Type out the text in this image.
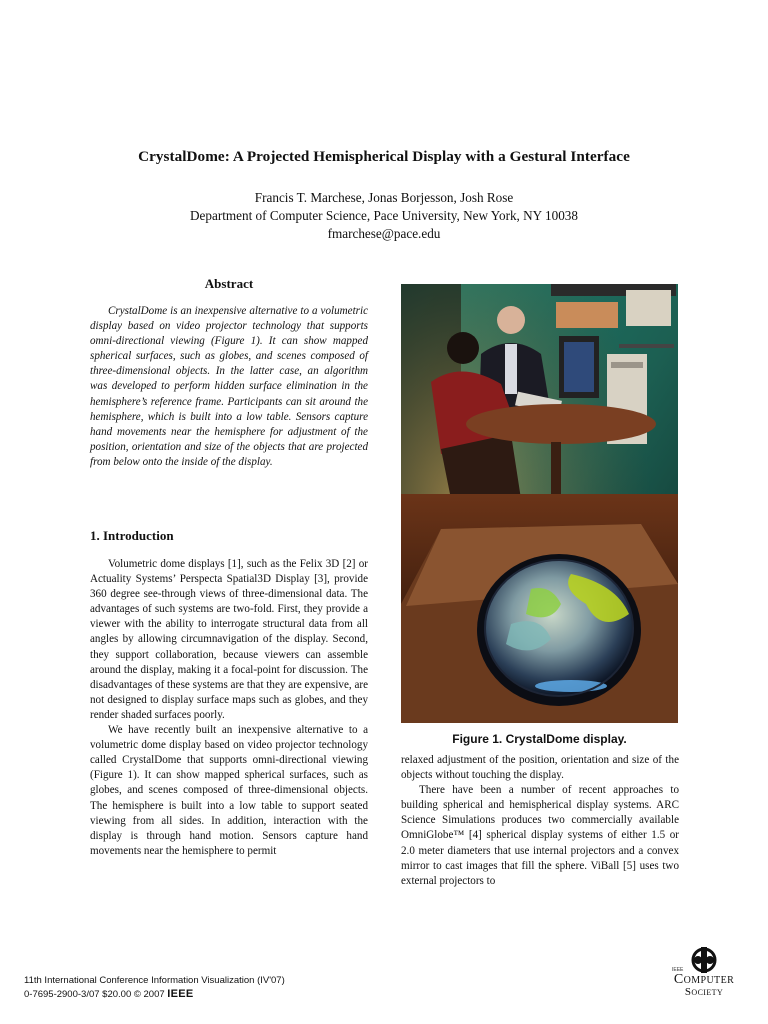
CrystalDome: A Projected Hemispherical Display with a Gestural Interface
Francis T. Marchese, Jonas Borjesson, Josh Rose
Department of Computer Science, Pace University, New York, NY 10038
fmarchese@pace.edu
Abstract

CrystalDome is an inexpensive alternative to a volumetric display based on video projector technology that supports omni-directional viewing (Figure 1). It can show mapped spherical surfaces, such as globes, and scenes composed of three-dimensional objects. In the latter case, an algorithm was developed to perform hidden surface elimination in the hemisphere’s reference frame. Participants can sit around the hemisphere, which is built into a low table. Sensors capture hand movements near the hemisphere for adjustment of the position, orientation and size of the objects that are projected from below onto the inside of the display.

1. Introduction

Volumetric dome displays [1], such as the Felix 3D [2] or Actuality Systems’ Perspecta Spatial3D Display [3], provide 360 degree see-through views of three-dimensional data. The advantages of such systems are two-fold. First, they provide a viewer with the ability to interrogate structural data from all angles by allowing circumnavigation of the display. Second, they support collaboration, because viewers can assemble around the display, making it a focal-point for discussion. The disadvantages of these systems are that they are expensive, are not designed to display surface maps such as globes, and they render shaded surfaces poorly.

We have recently built an inexpensive alternative to a volumetric dome display based on video projector technology called CrystalDome that supports omni-directional viewing (Figure 1). It can show mapped spherical surfaces, such as globes, and scenes composed of three-dimensional objects. The hemisphere is built into a low table to support seated viewing from all sides. In addition, interaction with the display is through hand motion. Sensors capture hand movements near the hemisphere to permit

Figure 1. CrystalDome display.

relaxed adjustment of the position, orientation and size of the objects without touching the display.

There have been a number of recent approaches to building spherical and hemispherical display systems. ARC Science Simulations produces two commercially available OmniGlobe™ [4] spherical display systems of either 1.5 or 2.0 meter diameters that use internal projectors and a convex mirror to cast images that fill the sphere. ViBall [5] uses two external projectors to

11th International Conference Information Visualization (IV'07)
0-7695-2900-3/07 $20.00 © 2007 IEEE
IEEE
Computer
Society
